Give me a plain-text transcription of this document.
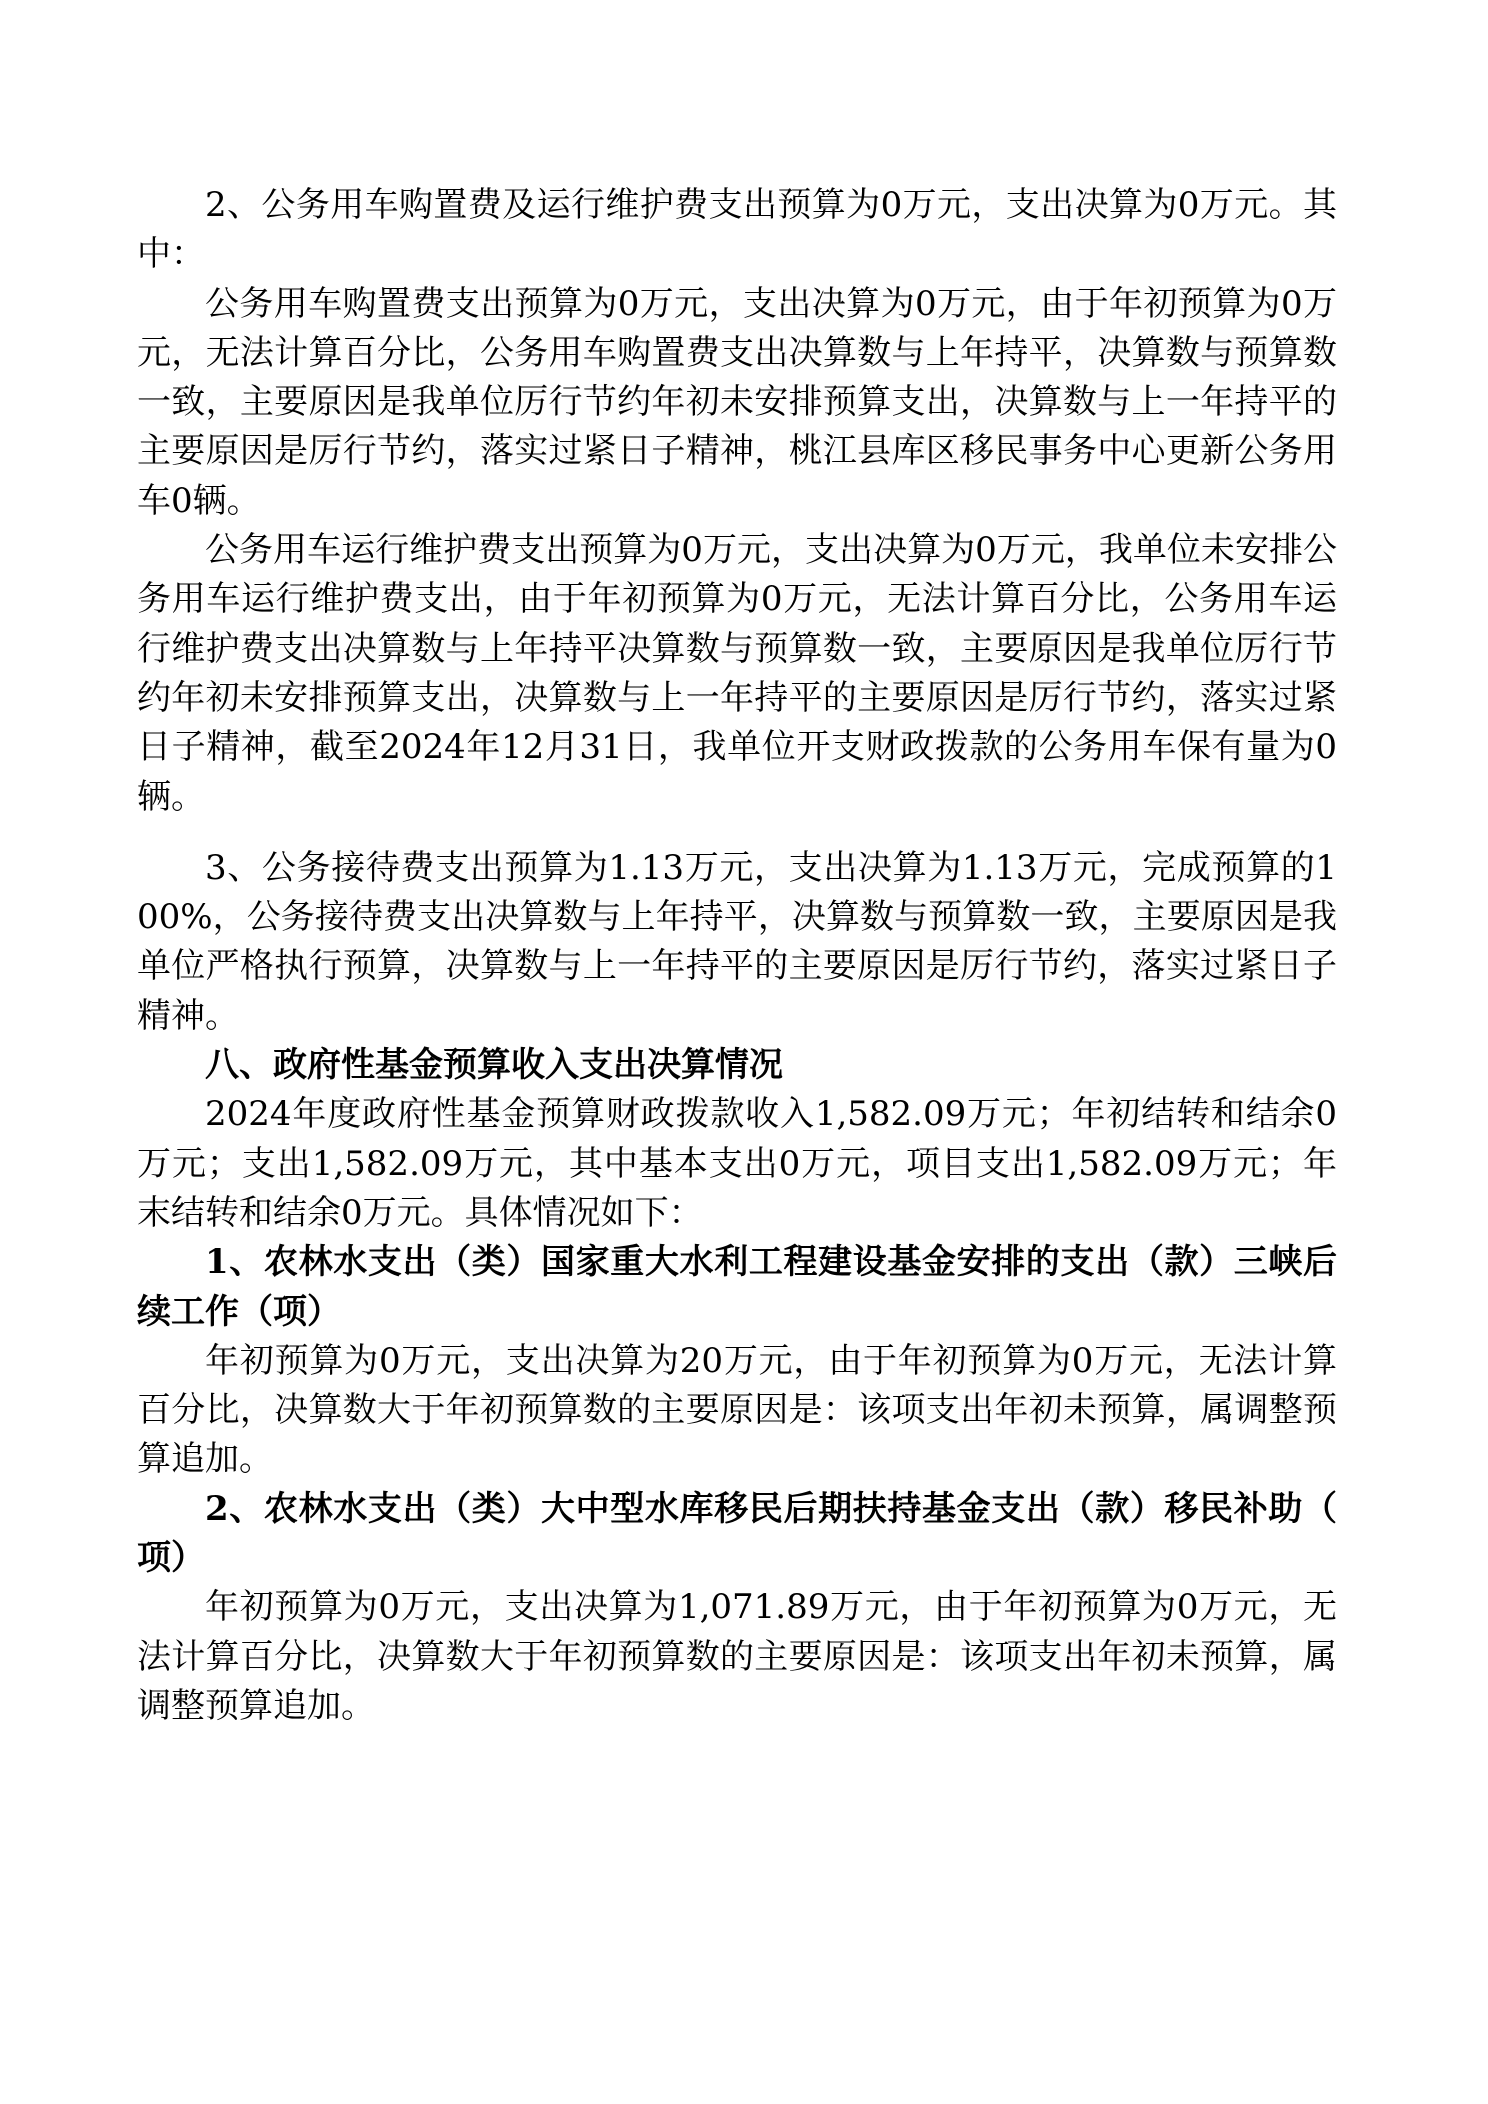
2、公务用车购置费及运行维护费支出预算为0万元，支出决算为0万元。其中：

公务用车购置费支出预算为0万元，支出决算为0万元，由于年初预算为0万元，无法计算百分比，公务用车购置费支出决算数与上年持平，决算数与预算数一致，主要原因是我单位厉行节约年初未安排预算支出，决算数与上一年持平的主要原因是厉行节约，落实过紧日子精神，桃江县库区移民事务中心更新公务用车0辆。

公务用车运行维护费支出预算为0万元，支出决算为0万元，我单位未安排公务用车运行维护费支出，由于年初预算为0万元，无法计算百分比，公务用车运行维护费支出决算数与上年持平决算数与预算数一致，主要原因是我单位厉行节约年初未安排预算支出，决算数与上一年持平的主要原因是厉行节约，落实过紧日子精神，截至2024年12月31日，我单位开支财政拨款的公务用车保有量为0辆。

3、公务接待费支出预算为1.13万元，支出决算为1.13万元，完成预算的100%，公务接待费支出决算数与上年持平，决算数与预算数一致，主要原因是我单位严格执行预算，决算数与上一年持平的主要原因是厉行节约，落实过紧日子精神。

八、政府性基金预算收入支出决算情况

2024年度政府性基金预算财政拨款收入1,582.09万元；年初结转和结余0万元；支出1,582.09万元，其中基本支出0万元，项目支出1,582.09万元；年末结转和结余0万元。具体情况如下：

1、农林水支出（类）国家重大水利工程建设基金安排的支出（款）三峡后续工作（项）

年初预算为0万元，支出决算为20万元，由于年初预算为0万元，无法计算百分比，决算数大于年初预算数的主要原因是：该项支出年初未预算，属调整预算追加。

2、农林水支出（类）大中型水库移民后期扶持基金支出（款）移民补助（项）

年初预算为0万元，支出决算为1,071.89万元，由于年初预算为0万元，无法计算百分比，决算数大于年初预算数的主要原因是：该项支出年初未预算，属调整预算追加。
